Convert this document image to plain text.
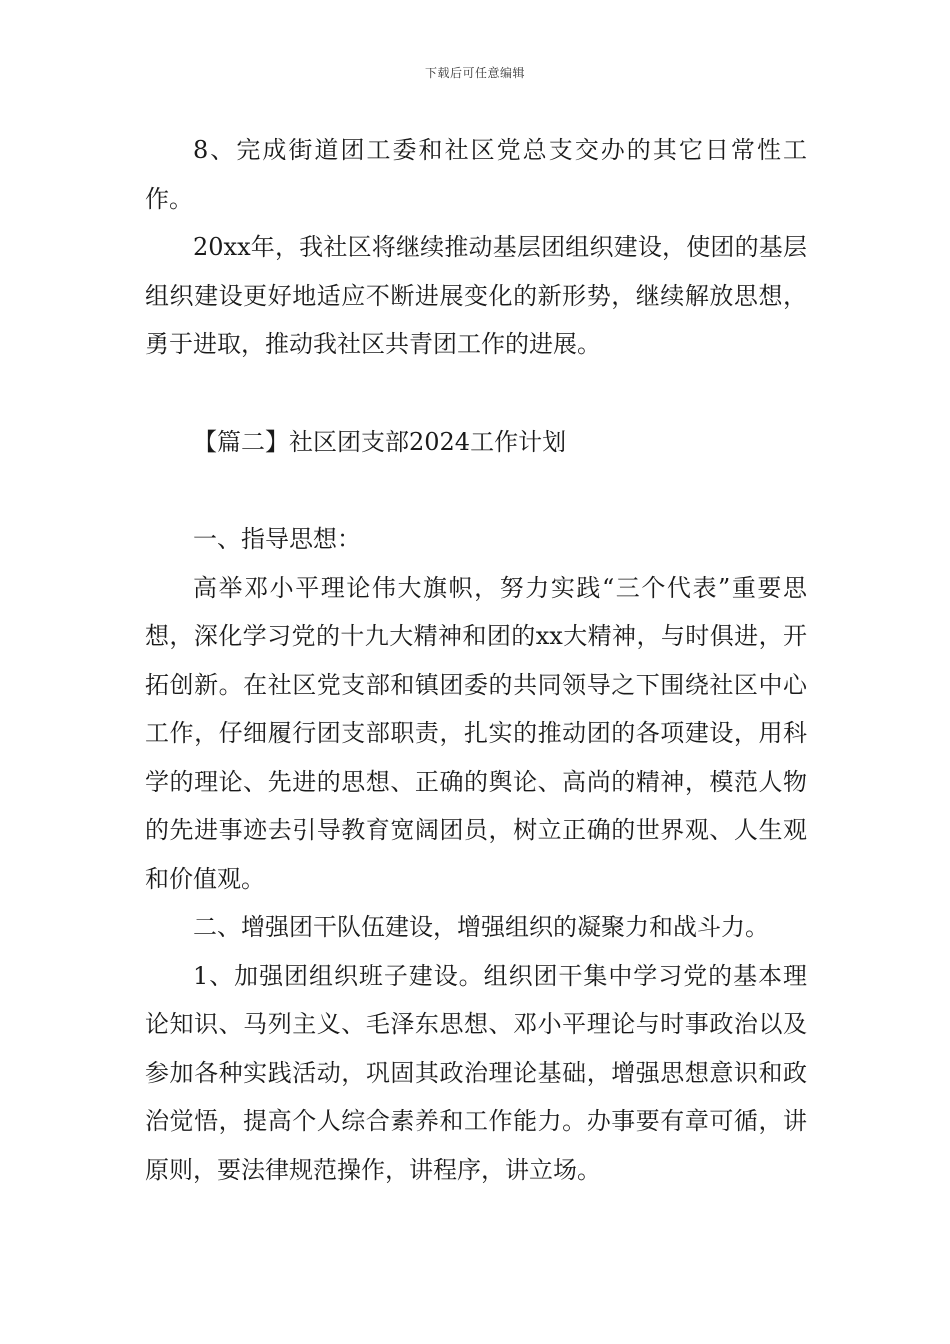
下载后可任意编辑

8、完成街道团工委和社区党总支交办的其它日常性工作。

20xx年，我社区将继续推动基层团组织建设，使团的基层组织建设更好地适应不断进展变化的新形势，继续解放思想，勇于进取，推动我社区共青团工作的进展。

【篇二】社区团支部2024工作计划

一、指导思想：

高举邓小平理论伟大旗帜，努力实践“三个代表”重要思想，深化学习党的十九大精神和团的xx大精神，与时俱进，开拓创新。在社区党支部和镇团委的共同领导之下围绕社区中心工作，仔细履行团支部职责，扎实的推动团的各项建设，用科学的理论、先进的思想、正确的舆论、高尚的精神，模范人物的先进事迹去引导教育宽阔团员，树立正确的世界观、人生观和价值观。

二、增强团干队伍建设，增强组织的凝聚力和战斗力。

1、加强团组织班子建设。组织团干集中学习党的基本理论知识、马列主义、毛泽东思想、邓小平理论与时事政治以及参加各种实践活动，巩固其政治理论基础，增强思想意识和政治觉悟，提高个人综合素养和工作能力。办事要有章可循，讲原则，要法律规范操作，讲程序，讲立场。
